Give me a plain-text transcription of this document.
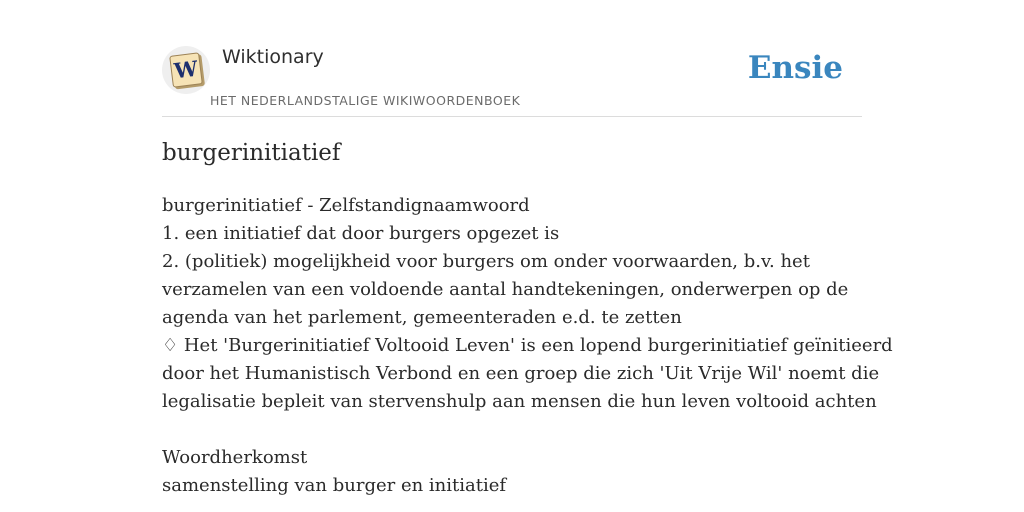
W Wiktionary
HET NEDERLANDSTALIGE WIKIWOORDENBOEK
Ensie
burgerinitiatief
burgerinitiatief - Zelfstandignaamwoord
1. een initiatief dat door burgers opgezet is
2. (politiek) mogelijkheid voor burgers om onder voorwaarden, b.v. het
verzamelen van een voldoende aantal handtekeningen, onderwerpen op de
agenda van het parlement, gemeenteraden e.d. te zetten
♢ Het 'Burgerinitiatief Voltooid Leven' is een lopend burgerinitiatief geïnitieerd
door het Humanistisch Verbond en een groep die zich 'Uit Vrije Wil' noemt die
legalisatie bepleit van stervenshulp aan mensen die hun leven voltooid achten
Woordherkomst
samenstelling van burger en initiatief
